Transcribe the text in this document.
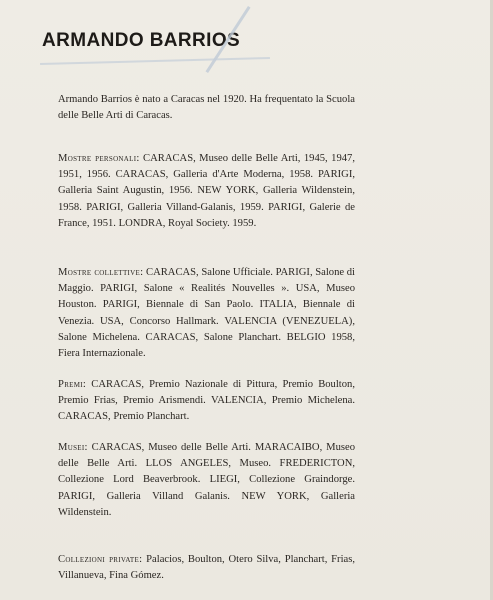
ARMANDO BARRIOS

Armando Barrios è nato a Caracas nel 1920. Ha frequentato la Scuola delle Belle Arti di Caracas.

Mostre personali: CARACAS, Museo delle Belle Arti, 1945, 1947, 1951, 1956. CARACAS, Galleria d'Arte Moderna, 1958. PARIGI, Galleria Saint Augustin, 1956. NEW YORK, Galleria Wildenstein, 1958. PARIGI, Galleria Villand-Galanis, 1959. PARIGI, Galerie de France, 1951. LONDRA, Royal Society. 1959.

Mostre collettive: CARACAS, Salone Ufficiale. PARIGI, Salone di Maggio. PARIGI, Salone « Realités Nouvelles ». USA, Museo Houston. PARIGI, Biennale di San Paolo. ITALIA, Biennale di Venezia. USA, Concorso Hallmark. VALENCIA (VENEZUELA), Salone Michelena. CARACAS, Salone Planchart. BELGIO 1958, Fiera Internazionale.

Premi: CARACAS, Premio Nazionale di Pittura, Premio Boulton, Premio Frias, Premio Arismendi. VALENCIA, Premio Michelena. CARACAS, Premio Planchart.

Musei: CARACAS, Museo delle Belle Arti. MARACAIBO, Museo delle Belle Arti. LLOS ANGELES, Museo. FREDERICTON, Collezione Lord Beaverbrook. LIEGI, Collezione Graindorge. PARIGI, Galleria Villand Galanis. NEW YORK, Galleria Wildenstein.

Collezioni private: Palacios, Boulton, Otero Silva, Planchart, Frias, Villanueva, Fina Gómez.
